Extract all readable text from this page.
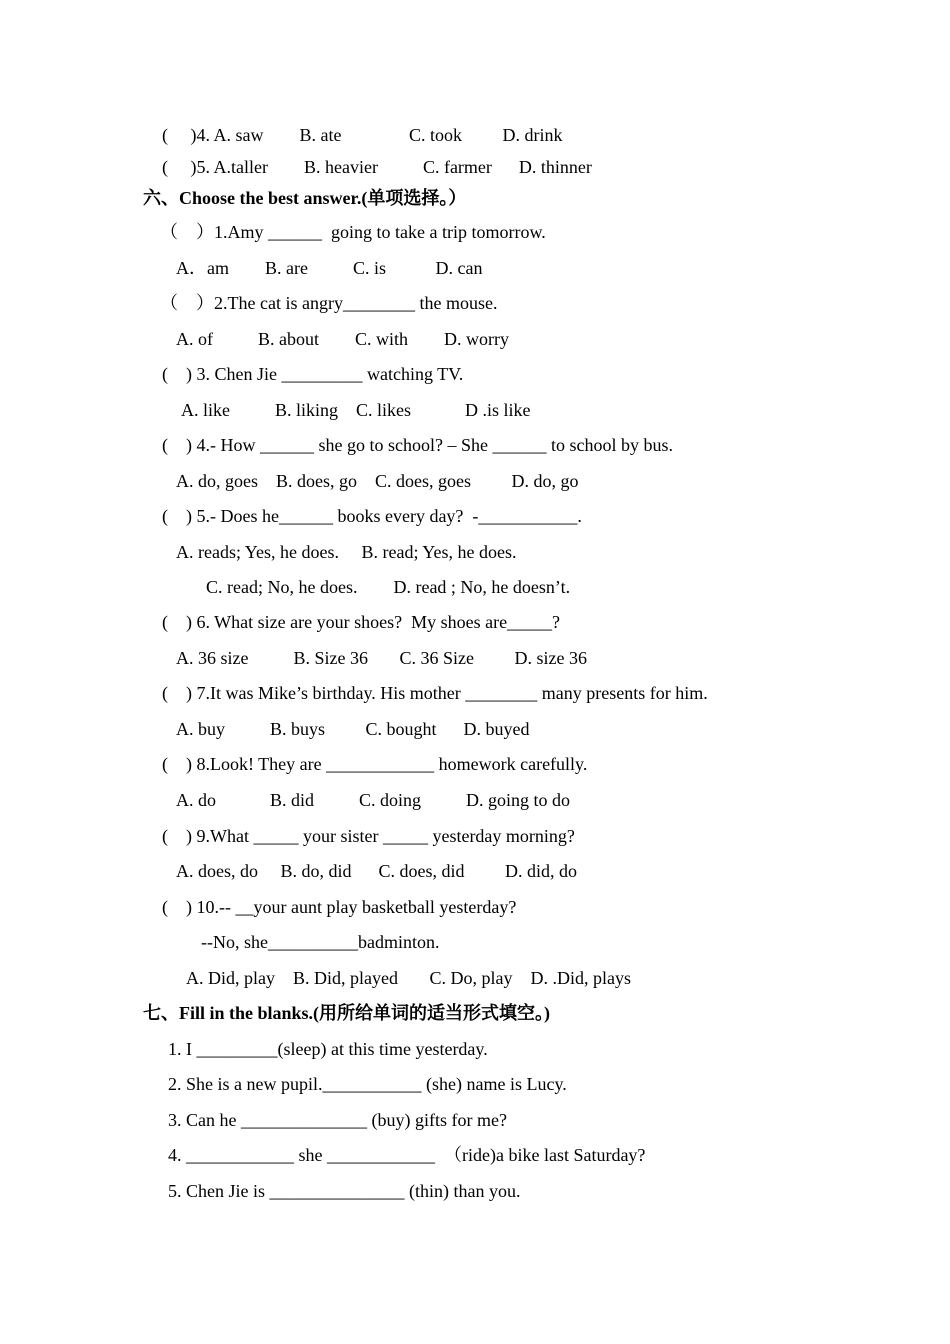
(     )4. A. saw        B. ate               C. took         D. drink
(     )5. A.taller        B. heavier          C. farmer      D. thinner
六、Choose the best answer.(单项选择。）
（    ）1.Amy ______  going to take a trip tomorrow.
A．am        B. are          C. is           D. can
（    ）2.The cat is angry________ the mouse.
A. of          B. about        C. with        D. worry
(    ) 3. Chen Jie _________ watching TV.
A. like          B. liking    C. likes            D .is like
(    ) 4.- How ______ she go to school? – She ______ to school by bus.
A. do, goes    B. does, go    C. does, goes         D. do, go
(    ) 5.- Does he______ books every day?  -___________.
A. reads; Yes, he does.     B. read; Yes, he does.
C. read; No, he does.        D. read ; No, he doesn’t.
(    ) 6. What size are your shoes?  My shoes are_____?
A. 36 size          B. Size 36       C. 36 Size         D. size 36
(    ) 7.It was Mike’s birthday. His mother ________ many presents for him.
A. buy          B. buys         C. bought      D. buyed
(    ) 8.Look! They are ____________ homework carefully.
A. do            B. did          C. doing          D. going to do
(    ) 9.What _____ your sister _____ yesterday morning?
A. does, do     B. do, did      C. does, did         D. did, do
(    ) 10.-- __your aunt play basketball yesterday?
--No, she__________badminton.
A. Did, play    B. Did, played       C. Do, play    D. .Did, plays
七、Fill in the blanks.(用所给单词的适当形式填空。)
1. I _________(sleep) at this time yesterday.
2. She is a new pupil.___________ (she) name is Lucy.
3. Can he ______________ (buy) gifts for me?
4. ____________ she ____________  （ride)a bike last Saturday?
5. Chen Jie is _______________ (thin) than you.
